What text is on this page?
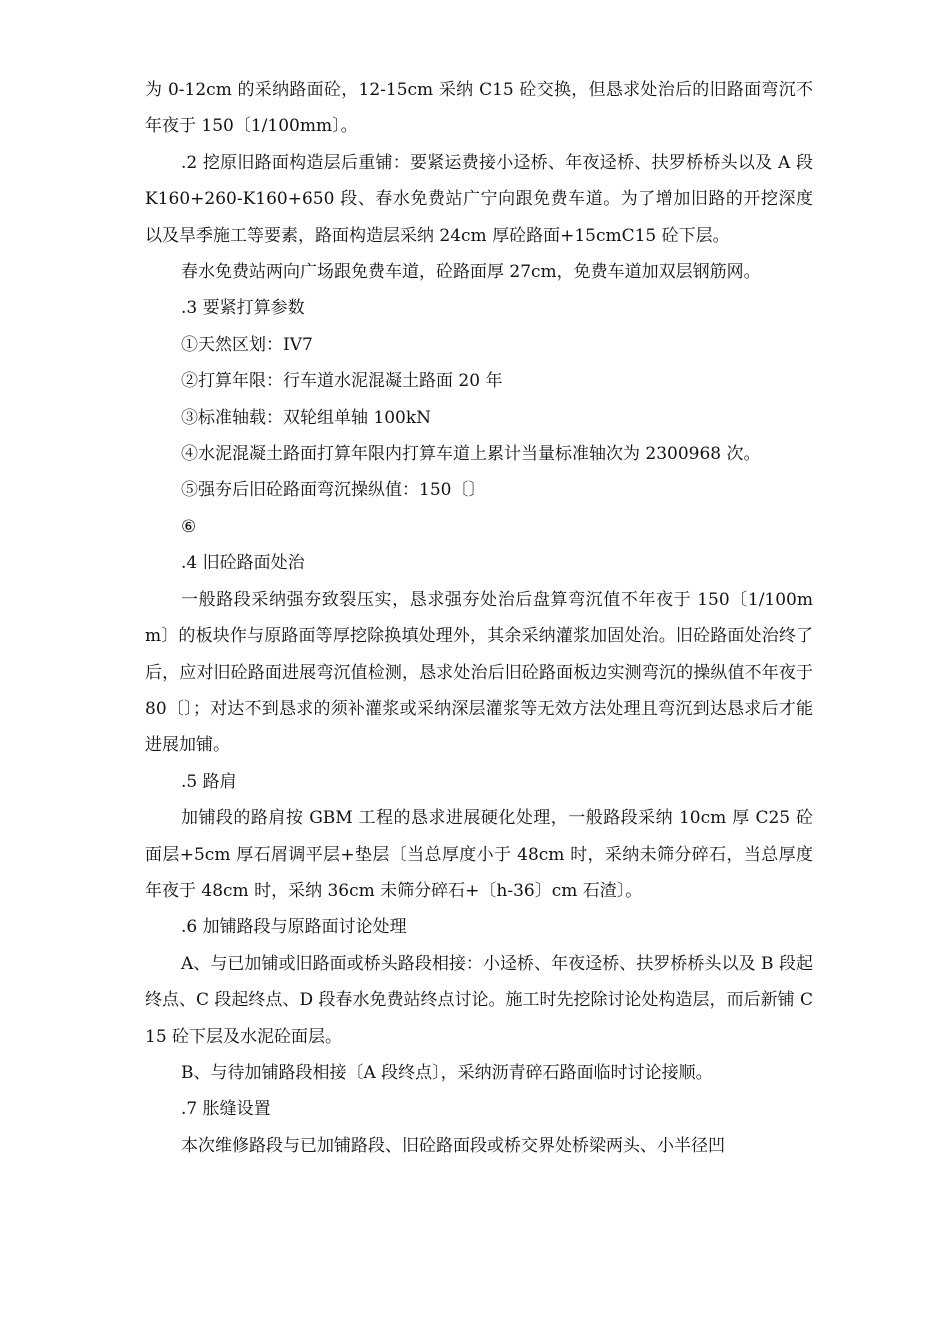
为 0-12cm 的采纳路面砼，12-15cm 采纳 C15 砼交换，但恳求处治后的旧路面弯沉不年夜于 150〔1/100mm〕。

.2 挖原旧路面构造层后重铺：要紧运费接小迳桥、年夜迳桥、扶罗桥桥头以及 A 段 K160+260-K160+650 段、春水免费站广宁向跟免费车道。为了增加旧路的开挖深度以及旱季施工等要素，路面构造层采纳 24cm 厚砼路面+15cmC15 砼下层。

春水免费站两向广场跟免费车道，砼路面厚 27cm，免费车道加双层钢筋网。

.3 要紧打算参数

①天然区划：IV7

②打算年限：行车道水泥混凝土路面 20 年

③标准轴载：双轮组单轴 100kN

④水泥混凝土路面打算年限内打算车道上累计当量标准轴次为 2300968 次。

⑤强夯后旧砼路面弯沉操纵值：150〔〕

⑥

.4 旧砼路面处治

一般路段采纳强夯致裂压实，恳求强夯处治后盘算弯沉值不年夜于 150〔1/100mm〕的板块作与原路面等厚挖除换填处理外，其余采纳灌浆加固处治。旧砼路面处治终了后，应对旧砼路面进展弯沉值检测，恳求处治后旧砼路面板边实测弯沉的操纵值不年夜于 80〔〕；对达不到恳求的须补灌浆或采纳深层灌浆等无效方法处理且弯沉到达恳求后才能进展加铺。

.5 路肩

加铺段的路肩按 GBM 工程的恳求进展硬化处理，一般路段采纳 10cm 厚 C25 砼面层+5cm 厚石屑调平层+垫层〔当总厚度小于 48cm 时，采纳未筛分碎石，当总厚度年夜于 48cm 时，采纳 36cm 未筛分碎石+〔h-36〕cm 石渣〕。

.6 加铺路段与原路面讨论处理

A、与已加铺或旧路面或桥头路段相接：小迳桥、年夜迳桥、扶罗桥桥头以及 B 段起终点、C 段起终点、D 段春水免费站终点讨论。施工时先挖除讨论处构造层，而后新铺 C15 砼下层及水泥砼面层。

B、与待加铺路段相接〔A 段终点〕，采纳沥青碎石路面临时讨论接顺。

.7 胀缝设置

本次维修路段与已加铺路段、旧砼路面段或桥交界处桥梁两头、小半径凹
